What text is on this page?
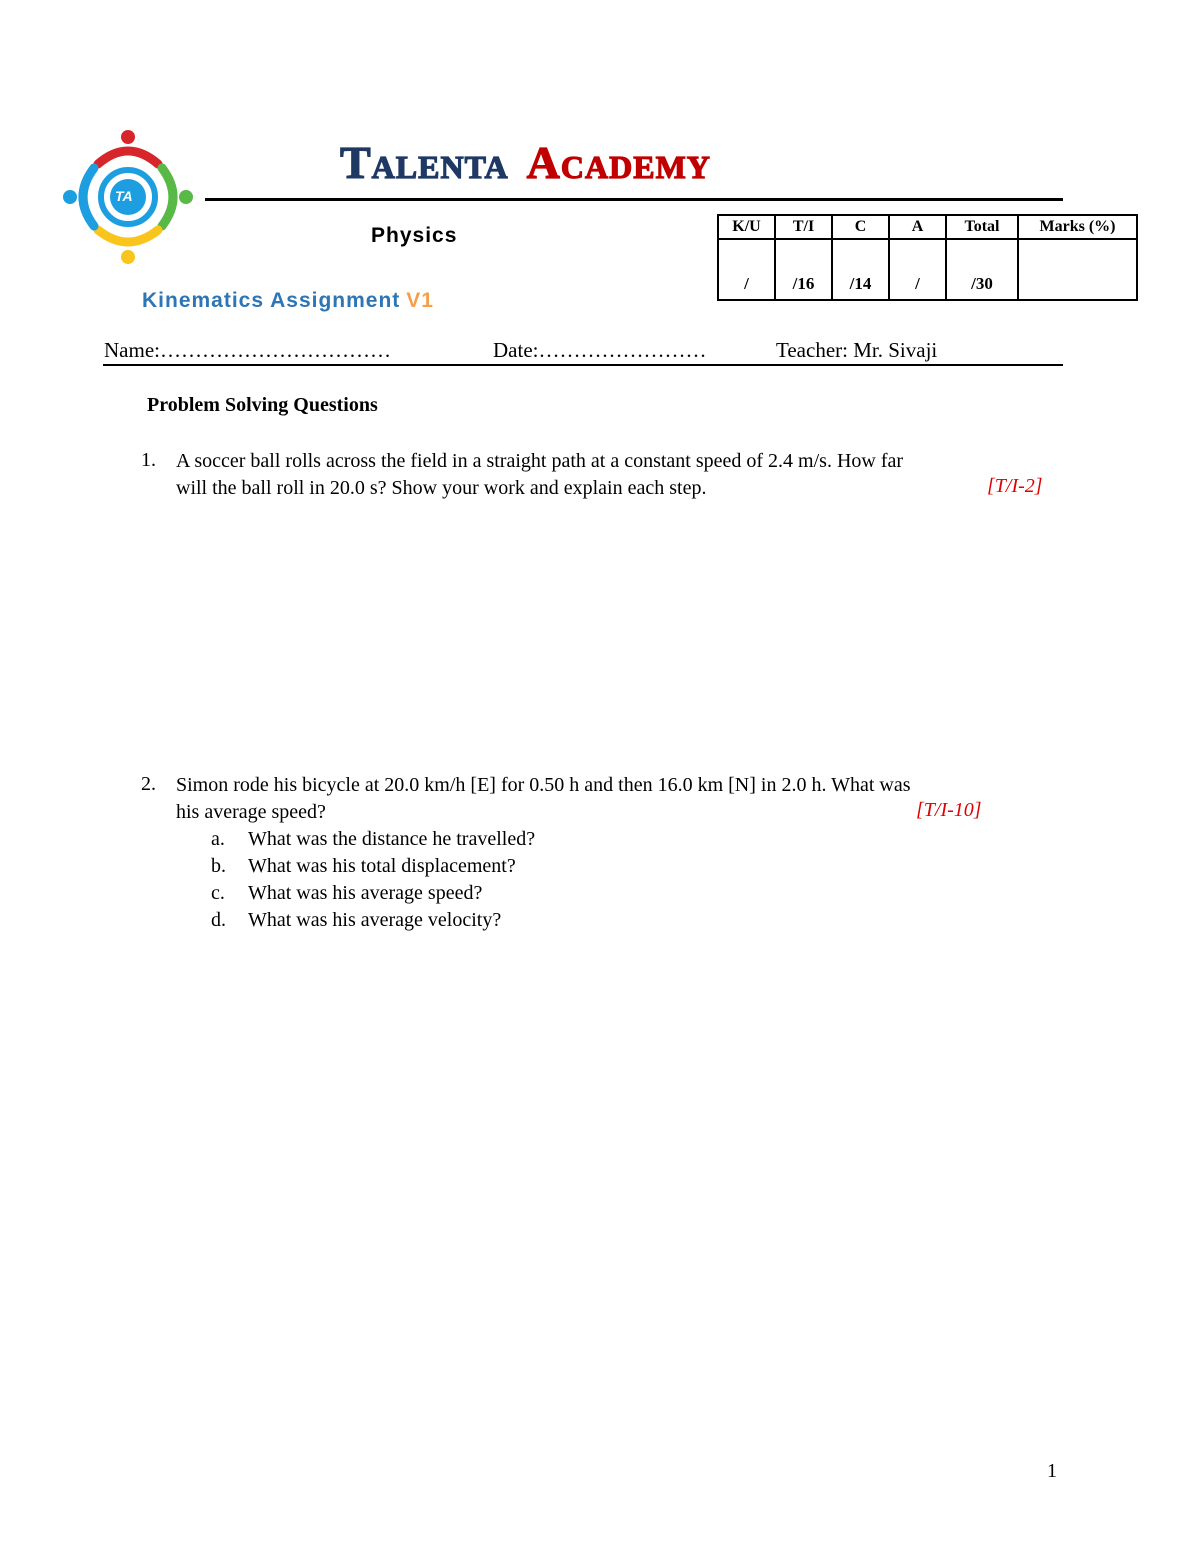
TA
Talenta Academy
Physics
Kinematics Assignment V1
K/U	T/I	C	A	Total	Marks (%)
/	/16	/14	/	/30	
Name:……………………………	Date:……………………	Teacher: Mr. Sivaji
Problem Solving Questions
1. A soccer ball rolls across the field in a straight path at a constant speed of 2.4 m/s. How far
will the ball roll in 20.0 s? Show your work and explain each step.	[T/I-2]
2. Simon rode his bicycle at 20.0 km/h [E] for 0.50 h and then 16.0 km [N] in 2.0 h. What was
his average speed?	[T/I-10]
a. What was the distance he travelled?
b. What was his total displacement?
c. What was his average speed?
d. What was his average velocity?
1
